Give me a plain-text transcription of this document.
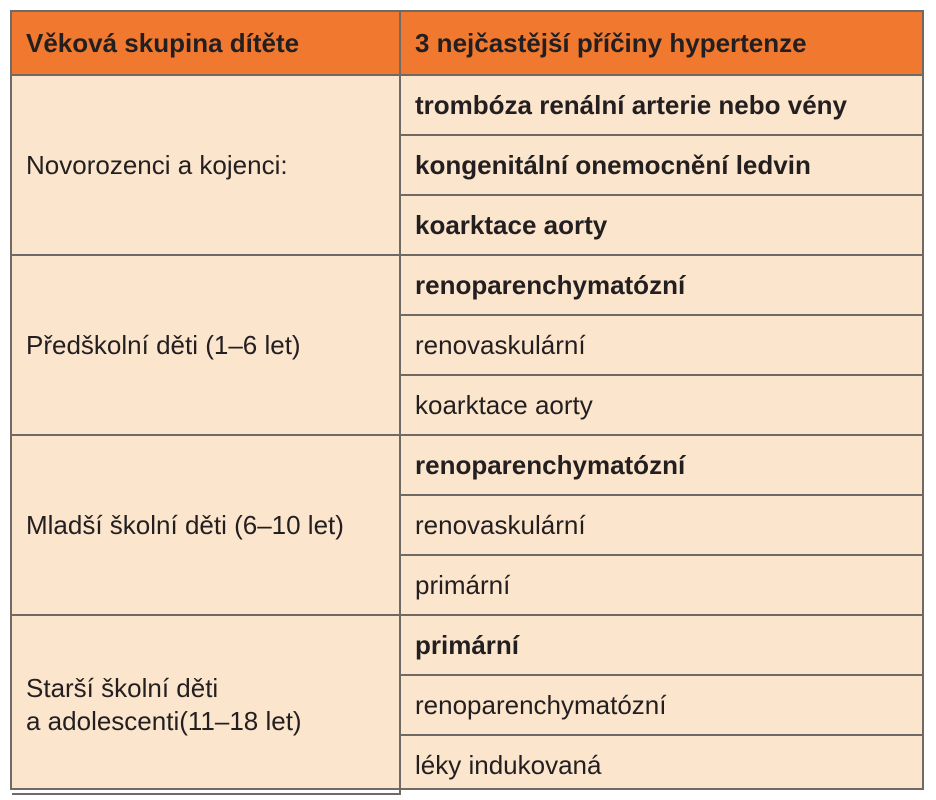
Věková skupina dítěte	3 nejčastější příčiny hypertenze

Novorozenci a kojenci:	trombóza renální arterie nebo vény
	kongenitální onemocnění ledvin
	koarktace aorty

Předškolní děti (1–6 let)	renoparenchymatózní
	renovaskulární
	koarktace aorty

Mladší školní děti (6–10 let)	renoparenchymatózní
	renovaskulární
	primární

Starší školní děti
a adolescenti(11–18 let)	primární
	renoparenchymatózní
	léky indukovaná
